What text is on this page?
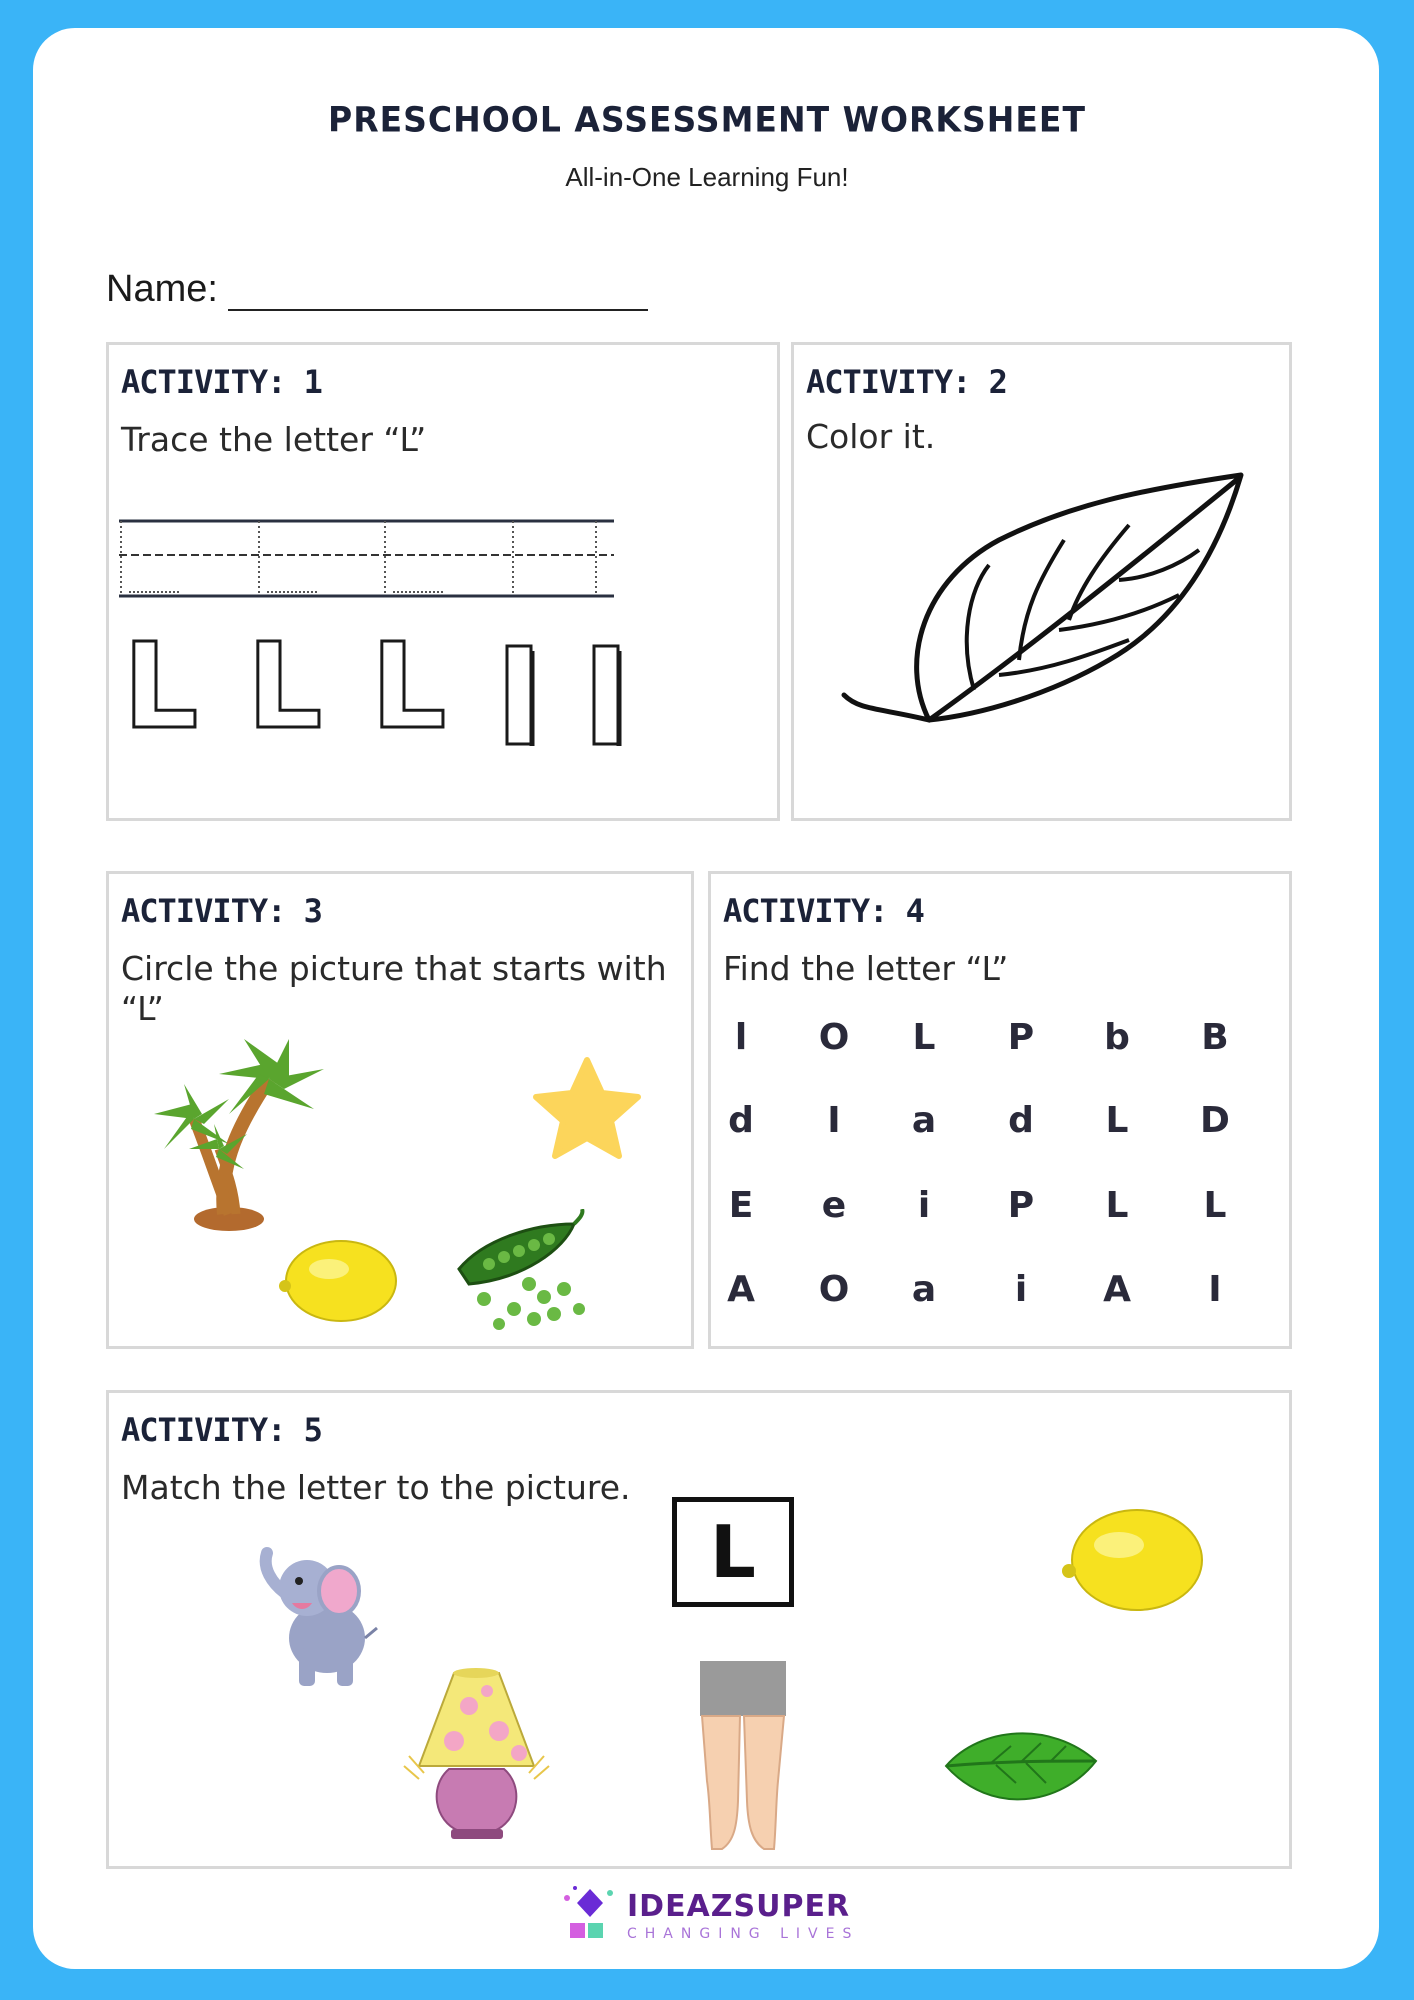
PRESCHOOL ASSESSMENT WORKSHEET
All-in-One Learning Fun!
Name:
ACTIVITY: 1
Trace the letter “L”
L L L
ACTIVITY: 2
Color it.
ACTIVITY: 3
Circle the picture that starts with “L”
ACTIVITY: 4
Find the letter “L”
l	O	L	P	b	B
d	I	a	d	L	D
E	e	i	P	L	L
A	O	a	i	A	I
ACTIVITY: 5
Match the letter to the picture.
L
IDEAZSUPER
CHANGING LIVES
